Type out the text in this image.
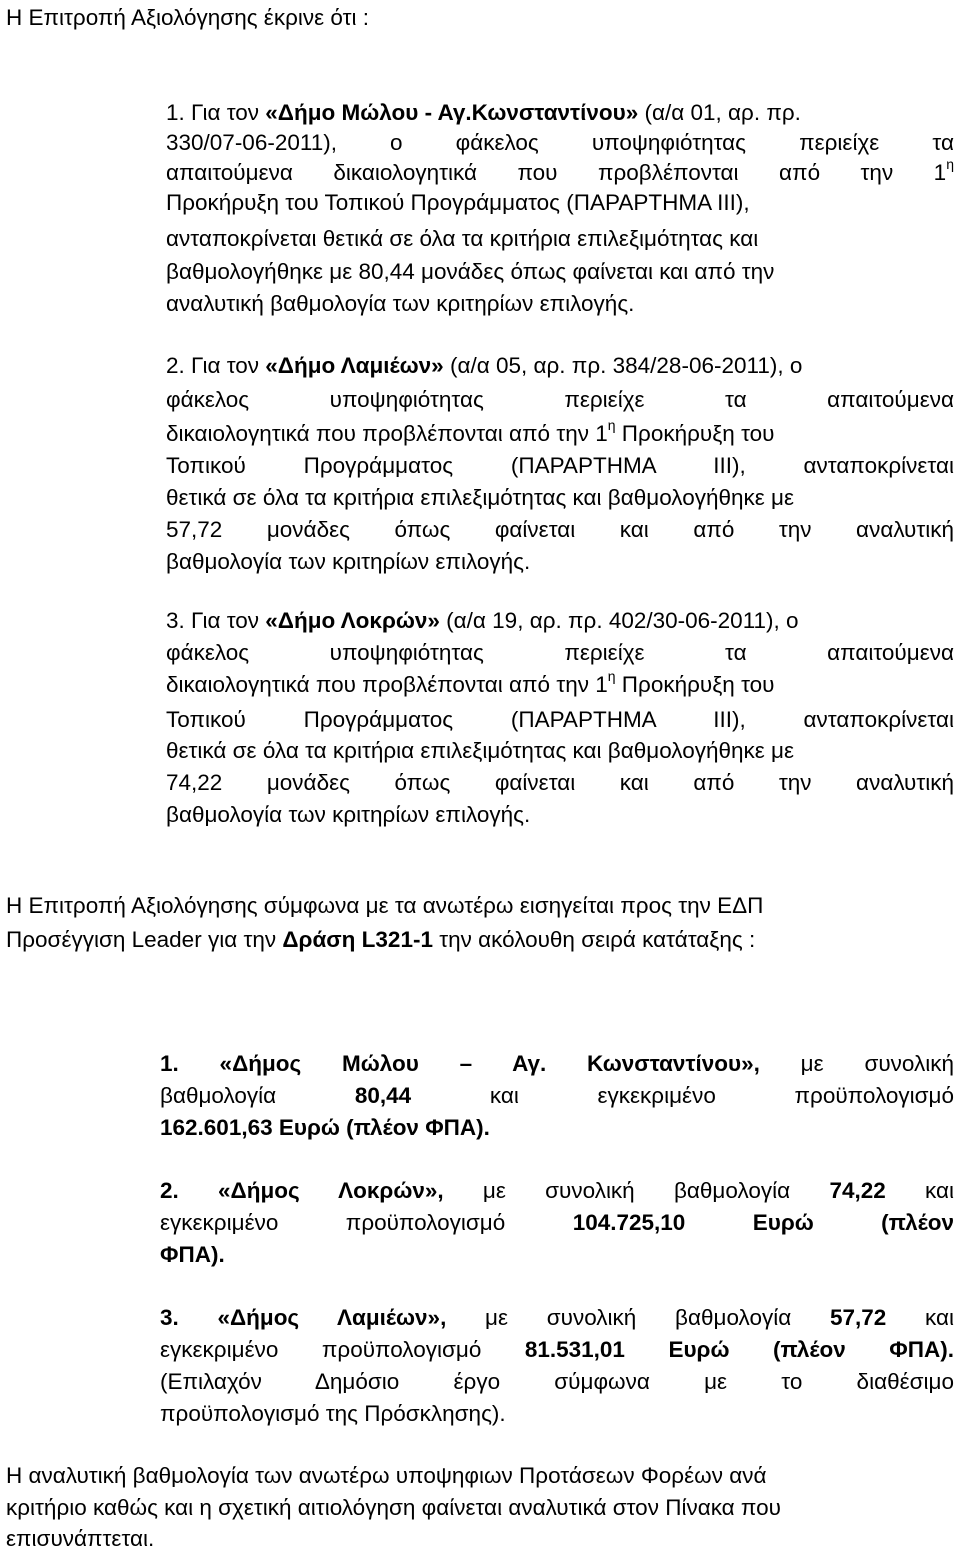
Η Επιτροπή Αξιολόγησης έκρινε ότι :
1. Για τον «Δήμο Μώλου - Αγ.Κωνσταντίνου» (α/α 01, αρ. πρ.
330/07-06-2011), ο φάκελος υποψηφιότητας περιείχε τα
απαιτούμενα δικαιολογητικά που προβλέπονται από την $1^\eta$
Προκήρυξη του Τοπικού Προγράμματος (ΠΑΡΑΡΤΗΜΑ ΙΙΙ),
ανταποκρίνεται θετικά σε όλα τα κριτήρια επιλεξιμότητας και
βαθμολογήθηκε με 80,44 μονάδες όπως φαίνεται και από την
αναλυτική βαθμολογία των κριτηρίων επιλογής.
2. Για τον «Δήμο Λαμιέων» (α/α 05, αρ. πρ. 384/28-06-2011), ο
φάκελος υποψηφιότητας περιείχε τα απαιτούμενα
δικαιολογητικά που προβλέπονται από την $1^\eta$ Προκήρυξη του
Τοπικού Προγράμματος (ΠΑΡΑΡΤΗΜΑ ΙΙΙ), ανταποκρίνεται
θετικά σε όλα τα κριτήρια επιλεξιμότητας και βαθμολογήθηκε με
57,72 μονάδες όπως φαίνεται και από την αναλυτική
βαθμολογία των κριτηρίων επιλογής.
3. Για τον «Δήμο Λοκρών» (α/α 19, αρ. πρ. 402/30-06-2011), ο
φάκελος υποψηφιότητας περιείχε τα απαιτούμενα
δικαιολογητικά που προβλέπονται από την $1^\eta$ Προκήρυξη του
Τοπικού Προγράμματος (ΠΑΡΑΡΤΗΜΑ ΙΙΙ), ανταποκρίνεται
θετικά σε όλα τα κριτήρια επιλεξιμότητας και βαθμολογήθηκε με
74,22 μονάδες όπως φαίνεται και από την αναλυτική
βαθμολογία των κριτηρίων επιλογής.
Η Επιτροπή Αξιολόγησης σύμφωνα με τα ανωτέρω εισηγείται προς την ΕΔΠ
Προσέγγιση Leader για την Δράση L321-1 την ακόλουθη σειρά κατάταξης :
1. «Δήμος Μώλου – Αγ. Κωνσταντίνου», με συνολική
βαθμολογία 80,44 και εγκεκριμένο προϋπολογισμό
162.601,63 Ευρώ (πλέον ΦΠΑ).
2. «Δήμος Λοκρών», με συνολική βαθμολογία 74,22 και
εγκεκριμένο προϋπολογισμό 104.725,10 Ευρώ (πλέον
ΦΠΑ).
3. «Δήμος Λαμιέων», με συνολική βαθμολογία 57,72 και
εγκεκριμένο προϋπολογισμό 81.531,01 Ευρώ (πλέον ΦΠΑ).
(Επιλαχόν Δημόσιο έργο σύμφωνα με το διαθέσιμο
προϋπολογισμό της Πρόσκλησης).
Η αναλυτική βαθμολογία των ανωτέρω υποψηφιων Προτάσεων Φορέων ανά
κριτήριο καθώς και η σχετική αιτιολόγηση φαίνεται αναλυτικά στον Πίνακα που
επισυνάπτεται.
